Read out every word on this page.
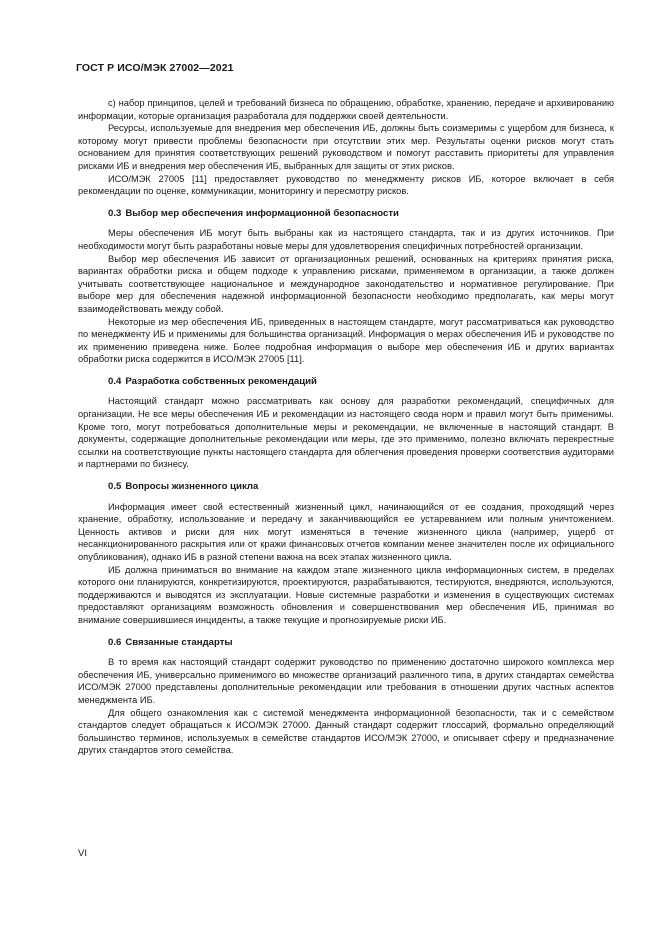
ГОСТ Р ИСО/МЭК 27002—2021

с) набор принципов, целей и требований бизнеса по обращению, обработке, хранению, передаче и архивированию информации, которые организация разработала для поддержки своей деятельности.

Ресурсы, используемые для внедрения мер обеспечения ИБ, должны быть соизмеримы с ущербом для бизнеса, к которому могут привести проблемы безопасности при отсутствии этих мер. Результаты оценки рисков могут стать основанием для принятия соответствующих решений руководством и помогут расставить приоритеты для управления рисками ИБ и внедрения мер обеспечения ИБ, выбранных для защиты от этих рисков.

ИСО/МЭК 27005 [11] предоставляет руководство по менеджменту рисков ИБ, которое включает в себя рекомендации по оценке, коммуникации, мониторингу и пересмотру рисков.

0.3 Выбор мер обеспечения информационной безопасности

Меры обеспечения ИБ могут быть выбраны как из настоящего стандарта, так и из других источников. При необходимости могут быть разработаны новые меры для удовлетворения специфичных потребностей организации.

Выбор мер обеспечения ИБ зависит от организационных решений, основанных на критериях принятия риска, вариантах обработки риска и общем подходе к управлению рисками, применяемом в организации, а также должен учитывать соответствующее национальное и международное законодательство и нормативное регулирование. При выборе мер для обеспечения надежной информационной безопасности необходимо предполагать, как меры могут взаимодействовать между собой.

Некоторые из мер обеспечения ИБ, приведенных в настоящем стандарте, могут рассматриваться как руководство по менеджменту ИБ и применимы для большинства организаций. Информация о мерах обеспечения ИБ и руководстве по их применению приведена ниже. Более подробная информация о выборе мер обеспечения ИБ и других вариантах обработки риска содержится в ИСО/МЭК 27005 [11].

0.4 Разработка собственных рекомендаций

Настоящий стандарт можно рассматривать как основу для разработки рекомендаций, специфичных для организации. Не все меры обеспечения ИБ и рекомендации из настоящего свода норм и правил могут быть применимы. Кроме того, могут потребоваться дополнительные меры и рекомендации, не включенные в настоящий стандарт. В документы, содержащие дополнительные рекомендации или меры, где это применимо, полезно включать перекрестные ссылки на соответствующие пункты настоящего стандарта для облегчения проведения проверки соответствия аудиторами и партнерами по бизнесу.

0.5 Вопросы жизненного цикла

Информация имеет свой естественный жизненный цикл, начинающийся от ее создания, проходящий через хранение, обработку, использование и передачу и заканчивающийся ее устареванием или полным уничтожением. Ценность активов и риски для них могут изменяться в течение жизненного цикла (например, ущерб от несанкционированного раскрытия или от кражи финансовых отчетов компании менее значителен после их официального опубликования), однако ИБ в разной степени важна на всех этапах жизненного цикла.

ИБ должна приниматься во внимание на каждом этапе жизненного цикла информационных систем, в пределах которого они планируются, конкретизируются, проектируются, разрабатываются, тестируются, внедряются, используются, поддерживаются и выводятся из эксплуатации. Новые системные разработки и изменения в существующих системах предоставляют организациям возможность обновления и совершенствования мер обеспечения ИБ, принимая во внимание совершившиеся инциденты, а также текущие и прогнозируемые риски ИБ.

0.6 Связанные стандарты

В то время как настоящий стандарт содержит руководство по применению достаточно широкого комплекса мер обеспечения ИБ, универсально применимого во множестве организаций различного типа, в других стандартах семейства ИСО/МЭК 27000 представлены дополнительные рекомендации или требования в отношении других частных аспектов менеджмента ИБ.

Для общего ознакомления как с системой менеджмента информационной безопасности, так и с семейством стандартов следует обращаться к ИСО/МЭК 27000. Данный стандарт содержит глоссарий, формально определяющий большинство терминов, используемых в семействе стандартов ИСО/МЭК 27000, и описывает сферу и предназначение других стандартов этого семейства.

VI
